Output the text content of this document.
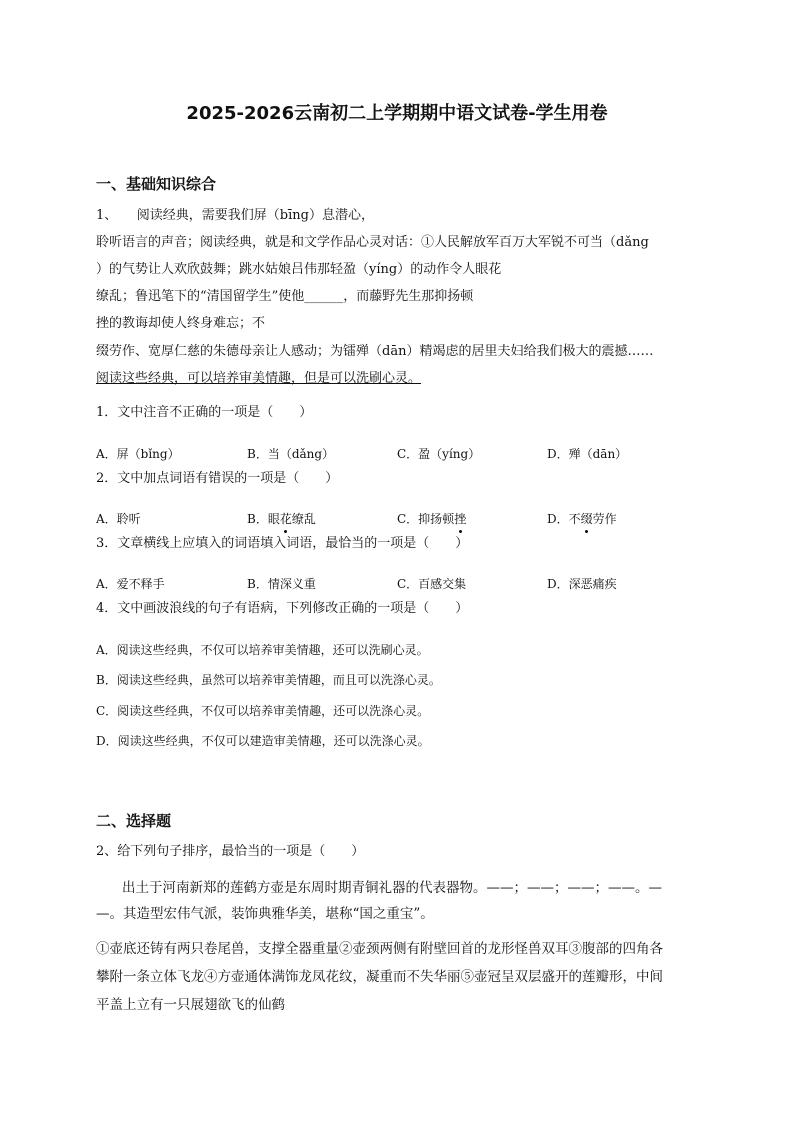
2025-2026云南初二上学期期中语文试卷-学生用卷
一、基础知识综合
1、　　阅读经典，需要我们屏（bīng）息潜心，
聆听语言的声音；阅读经典，就是和文学作品心灵对话：①人民解放军百万大军锐不可当（dǎng
）的气势让人欢欣鼓舞；跳水姑娘吕伟那轻盈（yíng）的动作令人眼花
缭乱；鲁迅笔下的“清国留学生”使他______，而藤野先生那抑扬顿
挫的教诲却使人终身难忘；不
缀劳作、宽厚仁慈的朱德母亲让人感动；为镭殚（dān）精竭虑的居里夫妇给我们极大的震撼……
阅读这些经典，可以培养审美情趣，但是可以洗刷心灵。
1．文中注音不正确的一项是（　　）
A．屏（bǐng）	B．当（dǎng）	C．盈（yíng）	D．殚（dān）
2．文中加点词语有错误的一项是（　　）
A．聆听	B．眼花
缭乱	C．抑扬顿挫	D．不缀
劳作
3．文章横线上应填入的词语填入词语，最恰当的一项是（　　）
A．爱不释手	B．情深义重	C．百感交集	D．深恶痛疾
4．文中画波浪线的句子有语病，下列修改正确的一项是（　　）
A．阅读这些经典，不仅可以培养审美情趣，还可以洗刷心灵。
B．阅读这些经典，虽然可以培养审美情趣，而且可以洗涤心灵。
C．阅读这些经典，不仅可以培养审美情趣，还可以洗涤心灵。
D．阅读这些经典，不仅可以建造审美情趣，还可以洗涤心灵。
二、选择题
2、给下列句子排序，最恰当的一项是（　　）
出土于河南新郑的莲鹤方壶是东周时期青铜礼器的代表器物。——；——；——；——。—
—。其造型宏伟气派，装饰典雅华美，堪称“国之重宝”。
①壶底还铸有两只卷尾兽，支撑全器重量②壶颈两侧有附壁回首的龙形怪兽双耳③腹部的四角各
攀附一条立体飞龙④方壶通体满饰龙凤花纹，凝重而不失华丽⑤壶冠呈双层盛开的莲瓣形，中间
平盖上立有一只展翅欲飞的仙鹤
